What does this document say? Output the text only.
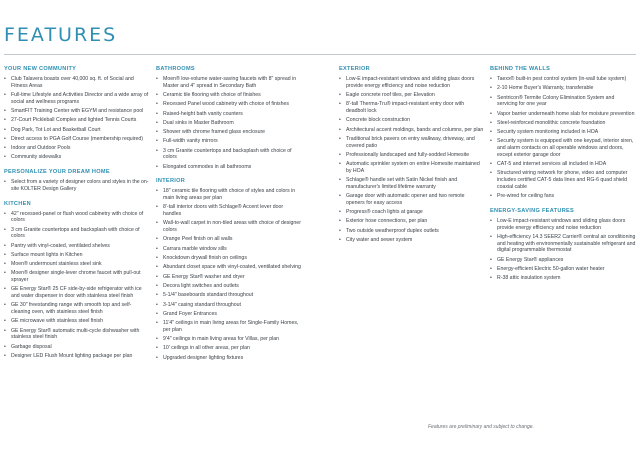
FEATURES
YOUR NEW COMMUNITY
• Club Talavera boasts over 40,000 sq. ft. of Social and Fitness Areas
• Full-time Lifestyle and Activities Director and a wide array of social and wellness programs
• SmartFIT Training Center with EGYM and resistance pool
• 27-Court Pickleball Complex and lighted Tennis Courts
• Dog Park, Tot Lot and Basketball Court
• Direct access to PGA Golf Course (membership required)
• Indoor and Outdoor Pools
• Community sidewalks
PERSONALIZE YOUR DREAM HOME
• Select from a variety of designer colors and styles in the on-site KOLTER Design Gallery
KITCHEN
• 42" recessed-panel or flush wood cabinetry with choice of colors
• 3 cm Granite countertops and backsplash with choice of colors
• Pantry with vinyl-coated, ventilated shelves
• Surface mount lights in Kitchen
• Moen® undermount stainless steel sink
• Moen® designer single-lever chrome faucet with pull-out sprayer
• GE Energy Star® 25 CF side-by-side refrigerator with ice and water dispenser in door with stainless steel finish
• GE 30" freestanding range with smooth top and self-cleaning oven, with stainless steel finish
• GE microwave with stainless steel finish
• GE Energy Star® automatic multi-cycle dishwasher with stainless steel finish
• Garbage disposal
• Designer LED Flush Mount lighting package per plan
BATHROOMS
• Moen® low-volume water-saving faucets with 8" spread in Master and 4" spread in Secondary Bath
• Ceramic tile flooring with choice of finishes
• Recessed Panel wood cabinetry with choice of finishes
• Raised-height bath vanity counters
• Dual sinks in Master Bathroom
• Shower with chrome framed glass enclosure
• Full-width vanity mirrors
• 3 cm Granite countertops and backsplash with choice of colors
• Elongated commodes in all bathrooms
INTERIOR
• 18" ceramic tile flooring with choice of styles and colors in main living areas per plan
• 8'-tall interior doors with Schlage® Accent lever door handles
• Wall-to-wall carpet in non-tiled areas with choice of designer colors
• Orange Peel finish on all walls
• Carrara marble window sills
• Knockdown drywall finish on ceilings
• Abundant closet space with vinyl-coated, ventilated shelving
• GE Energy Star® washer and dryer
• Decora light switches and outlets
• 5-1/4" baseboards standard throughout
• 3-1/4" casing standard throughout
• Grand Foyer Entrances
• 11'4" ceilings in main living areas for Single-Family Homes, per plan
• 9'4" ceilings in main living areas for Villas, per plan
• 10' ceilings in all other areas, per plan
• Upgraded designer lighting fixtures
EXTERIOR
• Low-E impact-resistant windows and sliding glass doors provide energy efficiency and noise reduction
• Eagle concrete roof tiles, per Elevation
• 8'-tall Therma-Tru® impact-resistant entry door with deadbolt lock
• Concrete block construction
• Architectural accent moldings, bands and columns, per plan
• Traditional brick pavers on entry walkway, driveway, and covered patio
• Professionally landscaped and fully-sodded Homesite
• Automatic sprinkler system on entire Homesite maintained by HOA
• Schlage® handle set with Satin Nickel finish and manufacturer's limited lifetime warranty
• Garage door with automatic opener and two remote openers for easy access
• Progress® coach lights at garage
• Exterior hose connections, per plan
• Two outside weatherproof duplex outlets
• City water and sewer system
BEHIND THE WALLS
• Taexx® built-in pest control system (in-wall tube system)
• 2-10 Home Buyer's Warranty, transferable
• Sentricon® Termite Colony Elimination System and servicing for one year
• Vapor barrier underneath home slab for moisture prevention
• Steel-reinforced monolithic concrete foundation
• Security system monitoring included in HOA
• Security system is equipped with one keypad, interior siren, and alarm contacts on all operable windows and doors, except exterior garage door
• CAT-5 and internet services all included in HOA
• Structured wiring network for phone, video and computer includes certified CAT-5 data lines and RG-6 quad shield coaxial cable
• Pre-wired for ceiling fans
ENERGY-SAVING FEATURES
• Low-E impact-resistant windows and sliding glass doors provide energy efficiency and noise reduction
• High-efficiency 14.3 SEER2 Carrier® central air conditioning and heating with environmentally sustainable refrigerant and digital programmable thermostat
• GE Energy Star® appliances
• Energy-efficient Electric 50-gallon water heater
• R-38 attic insulation system
Features are preliminary and subject to change.
